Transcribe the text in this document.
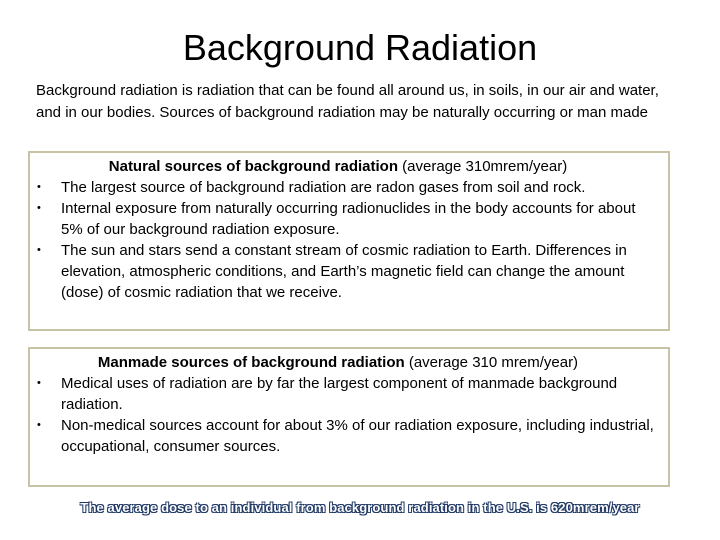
Background Radiation
Background radiation is radiation that can be found all around us, in soils, in our air and water, and in our bodies. Sources of background radiation may be naturally occurring or man made
Natural sources of background radiation (average 310mrem/year)
• The largest source of background radiation are radon gases from soil and rock.
• Internal exposure from naturally occurring radionuclides in the body accounts for about 5% of our background radiation exposure.
• The sun and stars send a constant stream of cosmic radiation to Earth. Differences in elevation, atmospheric conditions, and Earth’s magnetic field can change the amount (dose) of cosmic radiation that we receive.
Manmade sources of background radiation (average 310 mrem/year)
• Medical uses of radiation are by far the largest component of manmade background radiation.
• Non-medical sources account for about 3% of our radiation exposure, including industrial, occupational, consumer sources.
The average dose to an individual from background radiation in the U.S. is 620mrem/year
